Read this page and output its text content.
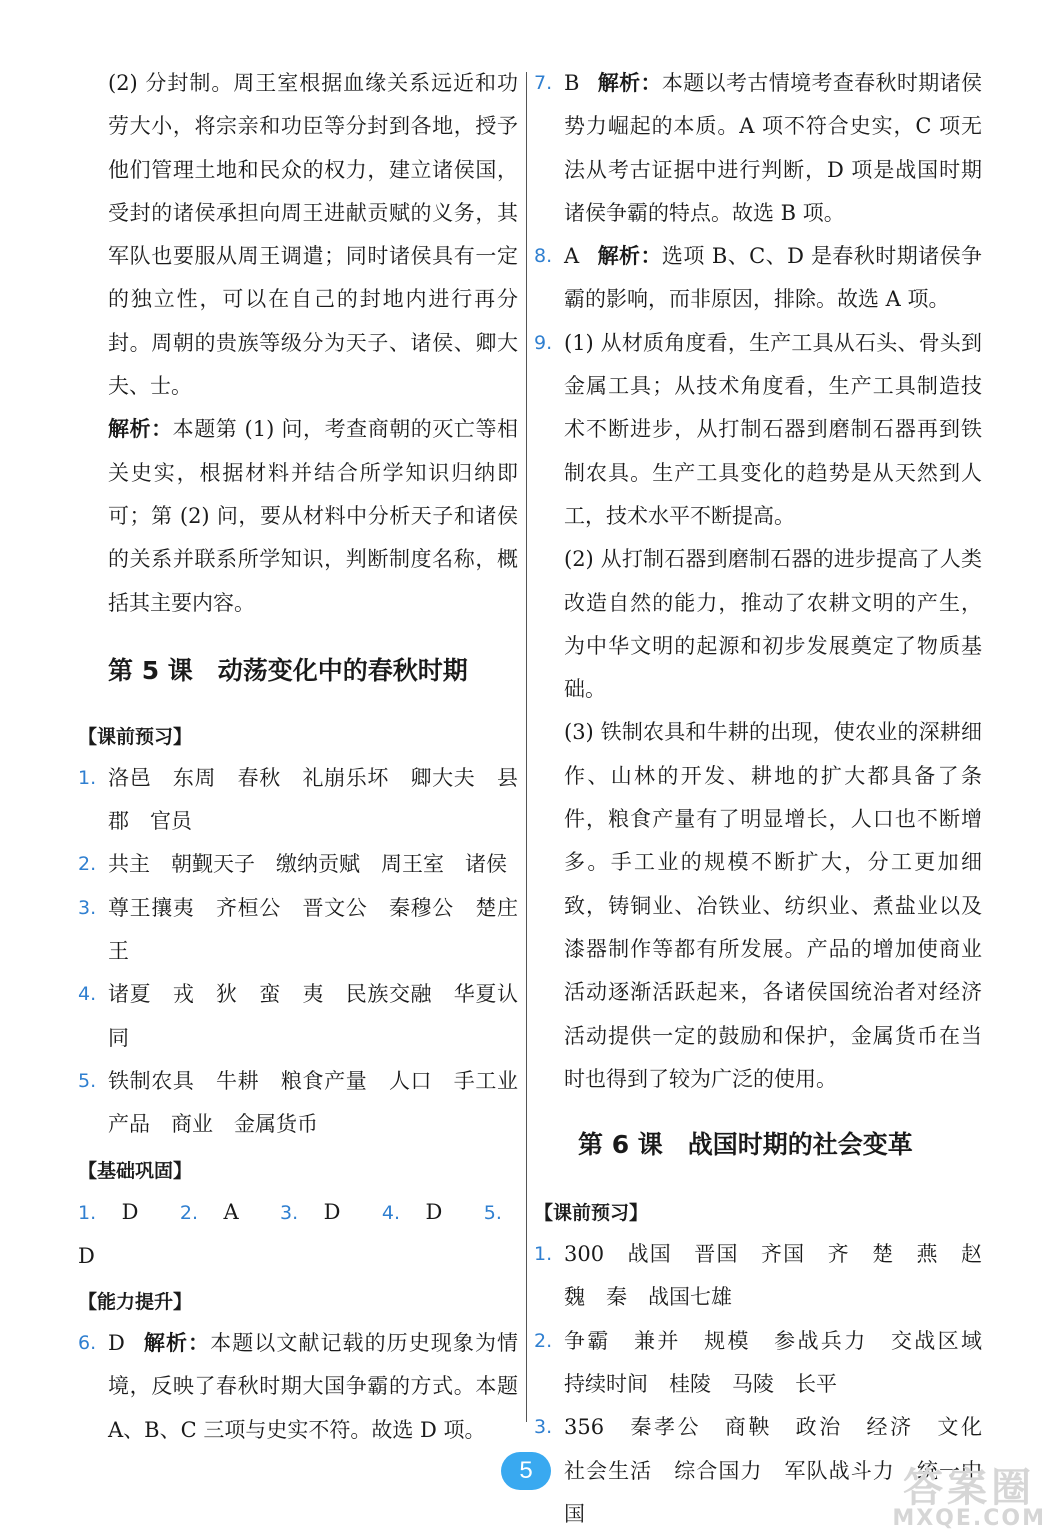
(2) 分封制。周王室根据血缘关系远近和功劳大小，将宗亲和功臣等分封到各地，授予他们管理土地和民众的权力，建立诸侯国，受封的诸侯承担向周王进献贡赋的义务，其军队也要服从周王调遣；同时诸侯具有一定的独立性，可以在自己的封地内进行再分封。周朝的贵族等级分为天子、诸侯、卿大夫、士。

解析：本题第 (1) 问，考查商朝的灭亡等相关史实，根据材料并结合所学知识归纳即可；第 (2) 问，要从材料中分析天子和诸侯的关系并联系所学知识，判断制度名称，概括其主要内容。

第 5 课　动荡变化中的春秋时期
【课前预习】
1. 洛邑　东周　春秋　礼崩乐坏　卿大夫　县　郡　官员
2. 共主　朝觐天子　缴纳贡赋　周王室　诸侯
3. 尊王攘夷　齐桓公　晋文公　秦穆公　楚庄王
4. 诸夏　戎　狄　蛮　夷　民族交融　华夏认同
5. 铁制农具　牛耕　粮食产量　人口　手工业产品　商业　金属货币
【基础巩固】
1. D 2. A 3. D 4. D 5. D
【能力提升】
6. D 解析：本题以文献记载的历史现象为情境，反映了春秋时期大国争霸的方式。本题 A、B、C 三项与史实不符。故选 D 项。
7. B 解析：本题以考古情境考查春秋时期诸侯势力崛起的本质。A 项不符合史实，C 项无法从考古证据中进行判断，D 项是战国时期诸侯争霸的特点。故选 B 项。
8. A 解析：选项 B、C、D 是春秋时期诸侯争霸的影响，而非原因，排除。故选 A 项。
9. (1) 从材质角度看，生产工具从石头、骨头到金属工具；从技术角度看，生产工具制造技术不断进步，从打制石器到磨制石器再到铁制农具。生产工具变化的趋势是从天然到人工，技术水平不断提高。

(2) 从打制石器到磨制石器的进步提高了人类改造自然的能力，推动了农耕文明的产生，为中华文明的起源和初步发展奠定了物质基础。

(3) 铁制农具和牛耕的出现，使农业的深耕细作、山林的开发、耕地的扩大都具备了条件，粮食产量有了明显增长，人口也不断增多。手工业的规模不断扩大，分工更加细致，铸铜业、冶铁业、纺织业、煮盐业以及漆器制作等都有所发展。产品的增加使商业活动逐渐活跃起来，各诸侯国统治者对经济活动提供一定的鼓励和保护，金属货币在当时也得到了较为广泛的使用。

第 6 课　战国时期的社会变革
【课前预习】
1. 300　战国　晋国　齐国　齐　楚　燕　赵　魏　秦　战国七雄
2. 争霸　兼并　规模　参战兵力　交战区域　持续时间　桂陵　马陵　长平
3. 356　秦孝公　商鞅　政治　经济　文化　社会生活　综合国力　军队战斗力　统一中国
5	答案圈
MXQE.COM
